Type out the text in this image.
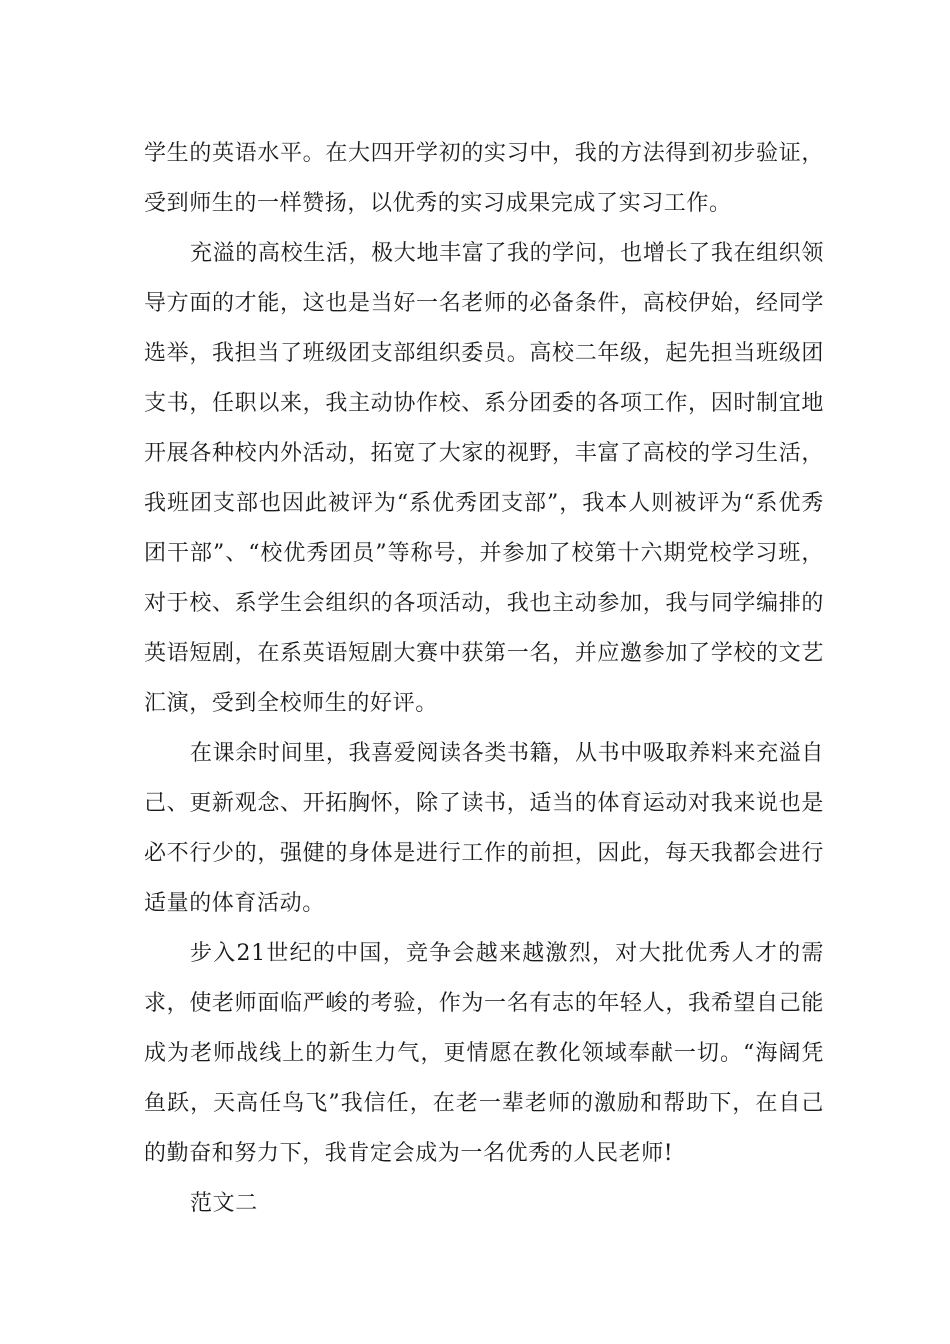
学生的英语水平。在大四开学初的实习中，我的方法得到初步验证，受到师生的一样赞扬，以优秀的实习成果完成了实习工作。

充溢的高校生活，极大地丰富了我的学问，也增长了我在组织领导方面的才能，这也是当好一名老师的必备条件，高校伊始，经同学选举，我担当了班级团支部组织委员。高校二年级，起先担当班级团支书，任职以来，我主动协作校、系分团委的各项工作，因时制宜地开展各种校内外活动，拓宽了大家的视野，丰富了高校的学习生活，我班团支部也因此被评为“系优秀团支部”，我本人则被评为“系优秀团干部”、“校优秀团员”等称号，并参加了校第十六期党校学习班，对于校、系学生会组织的各项活动，我也主动参加，我与同学编排的英语短剧，在系英语短剧大赛中获第一名，并应邀参加了学校的文艺汇演，受到全校师生的好评。

在课余时间里，我喜爱阅读各类书籍，从书中吸取养料来充溢自己、更新观念、开拓胸怀，除了读书，适当的体育运动对我来说也是必不行少的，强健的身体是进行工作的前担，因此，每天我都会进行适量的体育活动。

步入21世纪的中国，竞争会越来越激烈，对大批优秀人才的需求，使老师面临严峻的考验，作为一名有志的年轻人，我希望自己能成为老师战线上的新生力气，更情愿在教化领域奉献一切。“海阔凭鱼跃，天高任鸟飞”我信任，在老一辈老师的激励和帮助下，在自己的勤奋和努力下，我肯定会成为一名优秀的人民老师!

范文二
